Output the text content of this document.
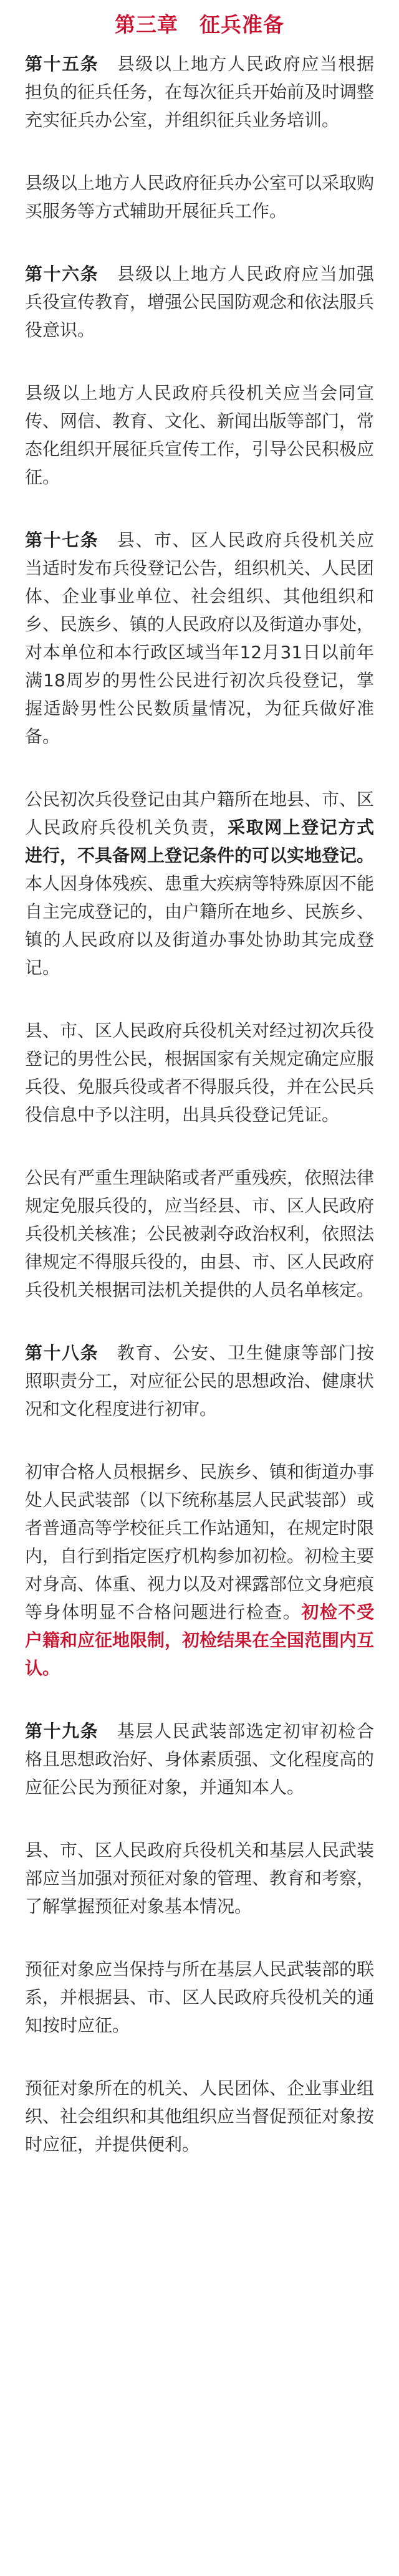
第三章　征兵准备

第十五条　县级以上地方人民政府应当根据担负的征兵任务，在每次征兵开始前及时调整充实征兵办公室，并组织征兵业务培训。

县级以上地方人民政府征兵办公室可以采取购买服务等方式辅助开展征兵工作。

第十六条　县级以上地方人民政府应当加强兵役宣传教育，增强公民国防观念和依法服兵役意识。

县级以上地方人民政府兵役机关应当会同宣传、网信、教育、文化、新闻出版等部门，常态化组织开展征兵宣传工作，引导公民积极应征。

第十七条　县、市、区人民政府兵役机关应当适时发布兵役登记公告，组织机关、人民团体、企业事业单位、社会组织、其他组织和乡、民族乡、镇的人民政府以及街道办事处，对本单位和本行政区域当年12月31日以前年满18周岁的男性公民进行初次兵役登记，掌握适龄男性公民数质量情况，为征兵做好准备。

公民初次兵役登记由其户籍所在地县、市、区人民政府兵役机关负责，采取网上登记方式进行，不具备网上登记条件的可以实地登记。本人因身体残疾、患重大疾病等特殊原因不能自主完成登记的，由户籍所在地乡、民族乡、镇的人民政府以及街道办事处协助其完成登记。

县、市、区人民政府兵役机关对经过初次兵役登记的男性公民，根据国家有关规定确定应服兵役、免服兵役或者不得服兵役，并在公民兵役信息中予以注明，出具兵役登记凭证。

公民有严重生理缺陷或者严重残疾，依照法律规定免服兵役的，应当经县、市、区人民政府兵役机关核准；公民被剥夺政治权利，依照法律规定不得服兵役的，由县、市、区人民政府兵役机关根据司法机关提供的人员名单核定。

第十八条　教育、公安、卫生健康等部门按照职责分工，对应征公民的思想政治、健康状况和文化程度进行初审。

初审合格人员根据乡、民族乡、镇和街道办事处人民武装部（以下统称基层人民武装部）或者普通高等学校征兵工作站通知，在规定时限内，自行到指定医疗机构参加初检。初检主要对身高、体重、视力以及对裸露部位文身疤痕等身体明显不合格问题进行检查。初检不受户籍和应征地限制，初检结果在全国范围内互认。

第十九条　基层人民武装部选定初审初检合格且思想政治好、身体素质强、文化程度高的应征公民为预征对象，并通知本人。

县、市、区人民政府兵役机关和基层人民武装部应当加强对预征对象的管理、教育和考察，了解掌握预征对象基本情况。

预征对象应当保持与所在基层人民武装部的联系，并根据县、市、区人民政府兵役机关的通知按时应征。

预征对象所在的机关、人民团体、企业事业组织、社会组织和其他组织应当督促预征对象按时应征，并提供便利。
